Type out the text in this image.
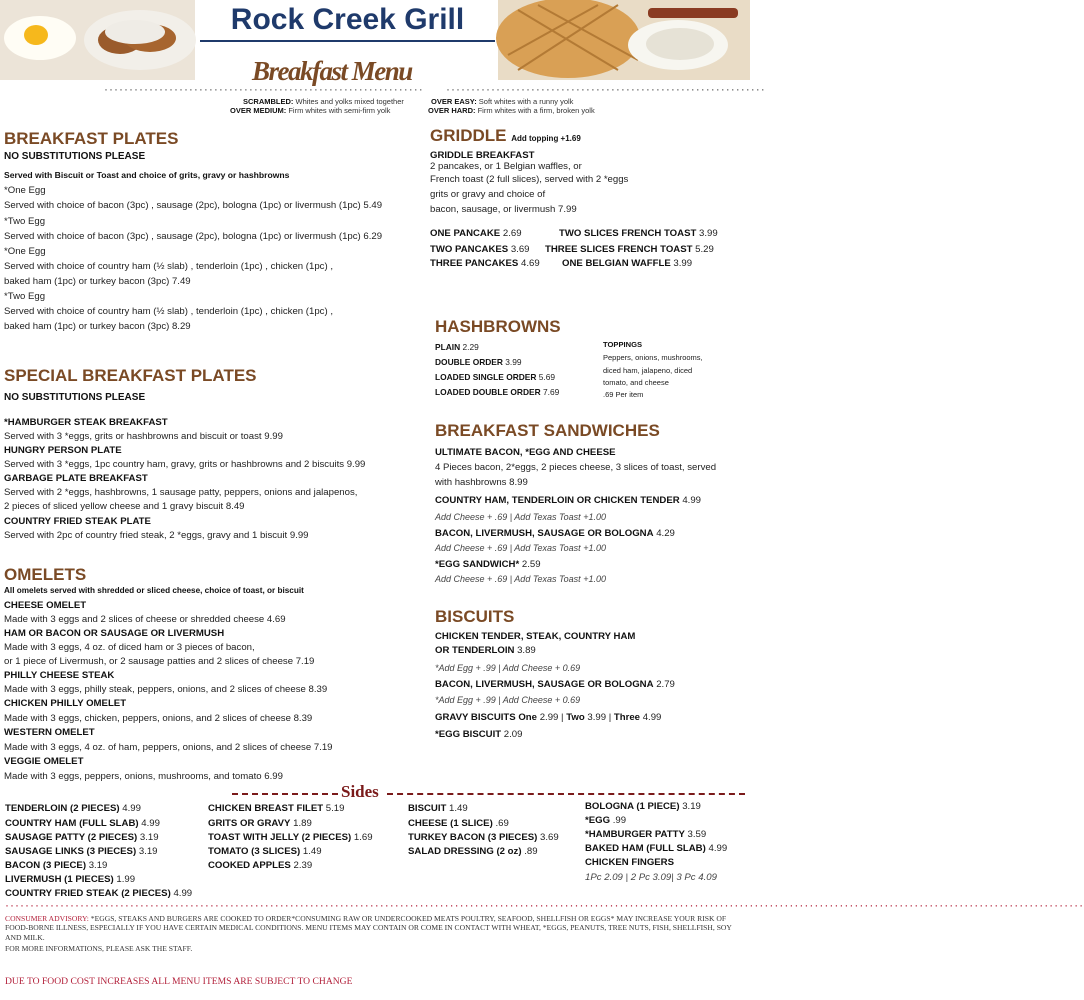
Rock Creek Grill
································································
Breakfast Menu
································································
SCRAMBLED: Whites and yolks mixed together	OVER EASY: Soft whites with a runny yolk
OVER MEDIUM: Firm whites with semi-firm yolk	OVER HARD: Firm whites with a firm, broken yolk
BREAKFAST PLATES
NO SUBSTITUTIONS PLEASE
Served with Biscuit or Toast and choice of grits, gravy or hashbrowns
*One Egg
Served with choice of bacon (3pc) , sausage (2pc), bologna (1pc) or livermush (1pc) 5.49
*Two Egg
Served with choice of bacon (3pc) , sausage (2pc), bologna (1pc) or livermush (1pc) 6.29
*One Egg
Served with choice of country ham (½ slab) , tenderloin (1pc) , chicken (1pc) ,
baked ham (1pc) or turkey bacon (3pc) 7.49
*Two Egg
Served with choice of country ham (½ slab) , tenderloin (1pc) , chicken (1pc) ,
baked ham (1pc) or turkey bacon (3pc) 8.29
SPECIAL BREAKFAST PLATES
NO SUBSTITUTIONS PLEASE
*HAMBURGER STEAK BREAKFAST
Served with 3 *eggs, grits or hashbrowns and biscuit or toast 9.99
HUNGRY PERSON PLATE
Served with 3 *eggs, 1pc country ham, gravy, grits or hashbrowns and 2 biscuits 9.99
GARBAGE PLATE BREAKFAST
Served with 2 *eggs, hashbrowns, 1 sausage patty, peppers, onions and jalapenos,
2 pieces of sliced yellow cheese and 1 gravy biscuit 8.49
COUNTRY FRIED STEAK PLATE
Served with 2pc of country fried steak, 2 *eggs, gravy and 1 biscuit 9.99
OMELETS
All omelets served with shredded or sliced cheese, choice of toast, or biscuit
CHEESE OMELET
Made with 3 eggs and 2 slices of cheese or shredded cheese 4.69
HAM OR BACON OR SAUSAGE OR LIVERMUSH
Made with 3 eggs, 4 oz. of diced ham or 3 pieces of bacon,
or 1 piece of Livermush, or 2 sausage patties and 2 slices of cheese 7.19
PHILLY CHEESE STEAK
Made with 3 eggs, philly steak, peppers, onions, and 2 slices of cheese 8.39
CHICKEN PHILLY OMELET
Made with 3 eggs, chicken, peppers, onions, and 2 slices of cheese 8.39
WESTERN OMELET
Made with 3 eggs, 4 oz. of ham, peppers, onions, and 2 slices of cheese 7.19
VEGGIE OMELET
Made with 3 eggs, peppers, onions, mushrooms, and tomato 6.99
GRIDDLE Add topping +1.69
GRIDDLE BREAKFAST
2 pancakes, or 1 Belgian waffles, or
French toast (2 full slices), served with 2 *eggs
grits or gravy and choice of
bacon, sausage, or livermush 7.99
ONE PANCAKE 2.69
TWO PANCAKES 3.69
THREE PANCAKES 4.69
TWO SLICES FRENCH TOAST 3.99
THREE SLICES FRENCH TOAST 5.29
ONE BELGIAN WAFFLE 3.99
HASHBROWNS
PLAIN 2.29
DOUBLE ORDER 3.99
LOADED SINGLE ORDER 5.69
LOADED DOUBLE ORDER 7.69
TOPPINGS
Peppers, onions, mushrooms,
diced ham, jalapeno, diced
tomato, and cheese
.69 Per item
BREAKFAST SANDWICHES
ULTIMATE BACON, *EGG AND CHEESE
4 Pieces bacon, 2*eggs, 2 pieces cheese, 3 slices of toast, served
with hashbrowns 8.99
COUNTRY HAM, TENDERLOIN OR CHICKEN TENDER 4.99
Add Cheese + .69 | Add Texas Toast +1.00
BACON, LIVERMUSH, SAUSAGE OR BOLOGNA 4.29
Add Cheese + .69 | Add Texas Toast +1.00
*EGG SANDWICH* 2.59
Add Cheese + .69 | Add Texas Toast +1.00
BISCUITS
CHICKEN TENDER, STEAK, COUNTRY HAM
OR TENDERLOIN 3.89
*Add Egg + .99 | Add Cheese + 0.69
BACON, LIVERMUSH, SAUSAGE OR BOLOGNA 2.79
*Add Egg + .99 | Add Cheese + 0.69
GRAVY BISCUITS One 2.99 | Two 3.99 | Three 4.99
*EGG BISCUIT 2.09
Sides
TENDERLOIN (2 PIECES) 4.99
COUNTRY HAM (FULL SLAB) 4.99
SAUSAGE PATTY (2 PIECES) 3.19
SAUSAGE LINKS (3 PIECES) 3.19
BACON (3 PIECE) 3.19
LIVERMUSH (1 PIECES) 1.99
COUNTRY FRIED STEAK (2 PIECES) 4.99
CHICKEN BREAST FILET 5.19
GRITS OR GRAVY 1.89
TOAST WITH JELLY (2 PIECES) 1.69
TOMATO (3 SLICES) 1.49
COOKED APPLES 2.39
BISCUIT 1.49
CHEESE (1 SLICE) .69
TURKEY BACON (3 PIECES) 3.69
SALAD DRESSING (2 oz) .89
BOLOGNA (1 PIECE) 3.19
*EGG .99
*HAMBURGER PATTY 3.59
BAKED HAM (FULL SLAB) 4.99
CHICKEN FINGERS
1Pc 2.09 | 2 Pc 3.09| 3 Pc 4.09
························································································································································································································
CONSUMER ADVISORY: *EGGS, STEAKS AND BURGERS ARE COOKED TO ORDER*CONSUMING RAW OR UNDERCOOKED MEATS POULTRY, SEAFOOD, SHELLFISH OR EGGS* MAY INCREASE YOUR RISK OF FOOD-BORNE ILLNESS, ESPECIALLY IF YOU HAVE CERTAIN MEDICAL CONDITIONS. MENU ITEMS MAY CONTAIN OR COME IN CONTACT WITH WHEAT, *EGGS, PEANUTS, TREE NUTS, FISH, SHELLFISH, SOY AND MILK.
FOR MORE INFORMATIONS, PLEASE ASK THE STAFF.
DUE TO FOOD COST INCREASES ALL MENU ITEMS ARE SUBJECT TO CHANGE
